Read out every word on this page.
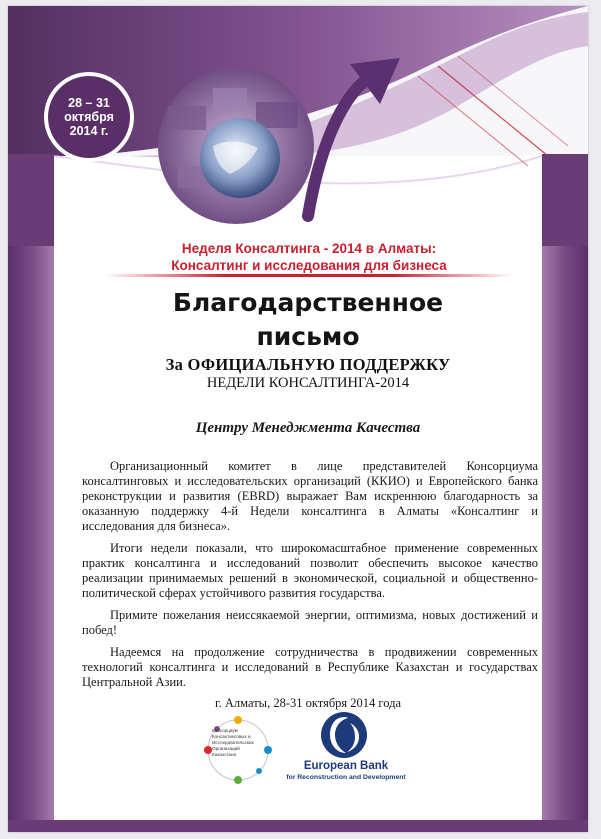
28 – 31
октября
2014 г.
Неделя Консалтинга - 2014 в Алматы:
Консалтинг и исследования для бизнеса
Благодарственное
письмо
За ОФИЦИАЛЬНУЮ ПОДДЕРЖКУ
НЕДЕЛИ КОНСАЛТИНГА-2014
Центру Менеджмента Качества

Организационный комитет в лице представителей Консорциума консалтинговых и исследовательских организаций (ККИО) и Европейского банка реконструкции и развития (EBRD) выражает Вам искреннюю благодарность за оказанную поддержку 4-й Недели консалтинга в Алматы «Консалтинг и исследования для бизнеса».

Итоги недели показали, что широкомасштабное применение современных практик консалтинга и исследований позволит обеспечить высокое качество реализации принимаемых решений в экономической, социальной и общественно-политической сферах устойчивого развития государства.

Примите пожелания неиссякаемой энергии, оптимизма, новых достижений и побед!

Надеемся на продолжение сотрудничества в продвижении современных технологий консалтинга и исследований в Республике Казахстан и государствах Центральной Азии.

г. Алматы, 28-31 октября 2014 года
Консорциум
Консалтинговых и
Исследовательских
Организаций
Казахстана
European Bank
for Reconstruction and Development
